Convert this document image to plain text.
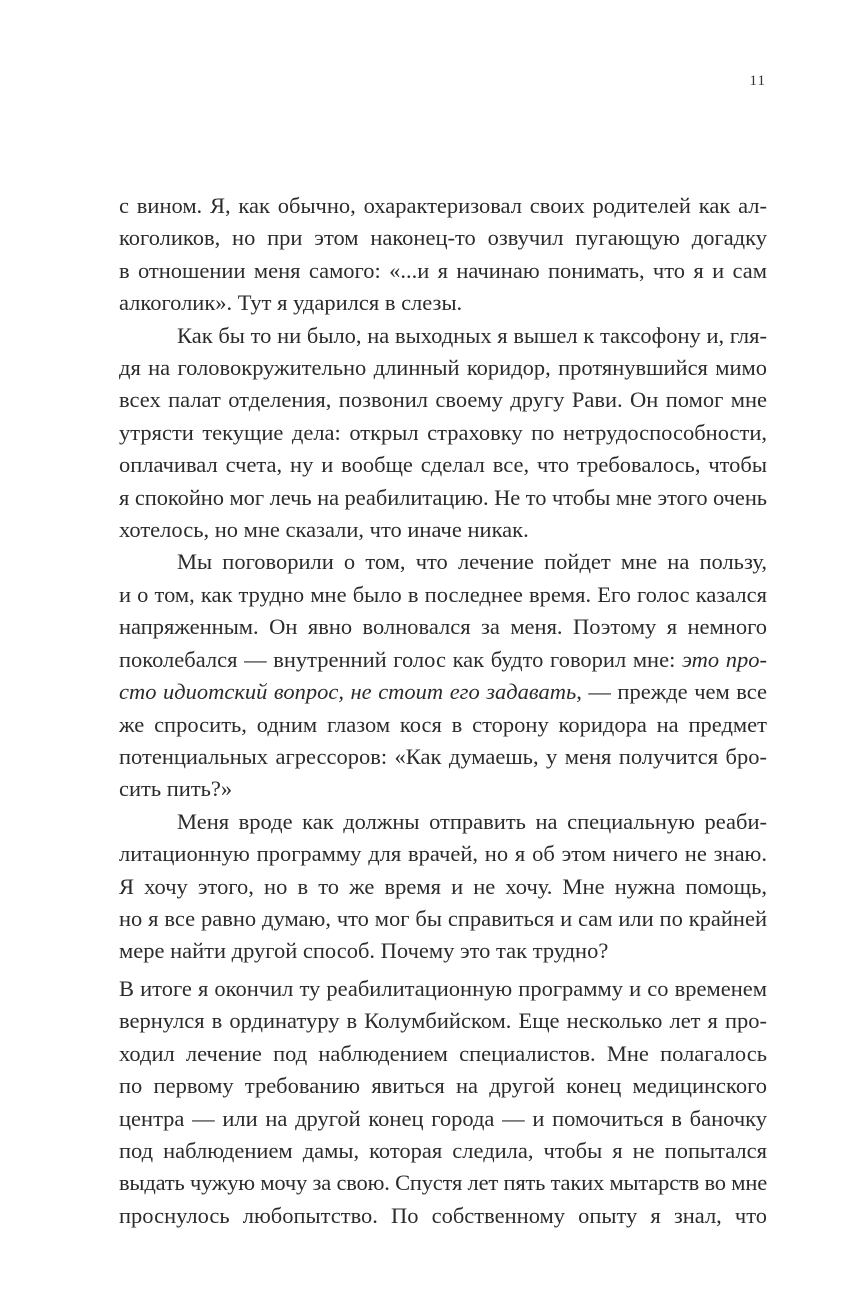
11

с вином. Я, как обычно, охарактеризовал своих родителей как ал-
коголиков, но при этом наконец-то озвучил пугающую догадку
в отношении меня самого: «...и я начинаю понимать, что я и сам
алкоголик». Тут я ударился в слезы.

Как бы то ни было, на выходных я вышел к таксофону и, гля-
дя на головокружительно длинный коридор, протянувшийся мимо
всех палат отделения, позвонил своему другу Рави. Он помог мне
утрясти текущие дела: открыл страховку по нетрудоспособности,
оплачивал счета, ну и вообще сделал все, что требовалось, чтобы
я спокойно мог лечь на реабилитацию. Не то чтобы мне этого очень
хотелось, но мне сказали, что иначе никак.

Мы поговорили о том, что лечение пойдет мне на пользу,
и о том, как трудно мне было в последнее время. Его голос казался
напряженным. Он явно волновался за меня. Поэтому я немного
поколебался — внутренний голос как будто говорил мне: это про-
сто идиотский вопрос, не стоит его задавать, — прежде чем все
же спросить, одним глазом кося в сторону коридора на предмет
потенциальных агрессоров: «Как думаешь, у меня получится бро-
сить пить?»

Меня вроде как должны отправить на специальную реаби-
литационную программу для врачей, но я об этом ничего не знаю.
Я хочу этого, но в то же время и не хочу. Мне нужна помощь,
но я все равно думаю, что мог бы справиться и сам или по крайней
мере найти другой способ. Почему это так трудно?

В итоге я окончил ту реабилитационную программу и со временем
вернулся в ординатуру в Колумбийском. Еще несколько лет я про-
ходил лечение под наблюдением специалистов. Мне полагалось
по первому требованию явиться на другой конец медицинского
центра — или на другой конец города — и помочиться в баночку
под наблюдением дамы, которая следила, чтобы я не попытался
выдать чужую мочу за свою. Спустя лет пять таких мытарств во мне
проснулось любопытство. По собственному опыту я знал, что
